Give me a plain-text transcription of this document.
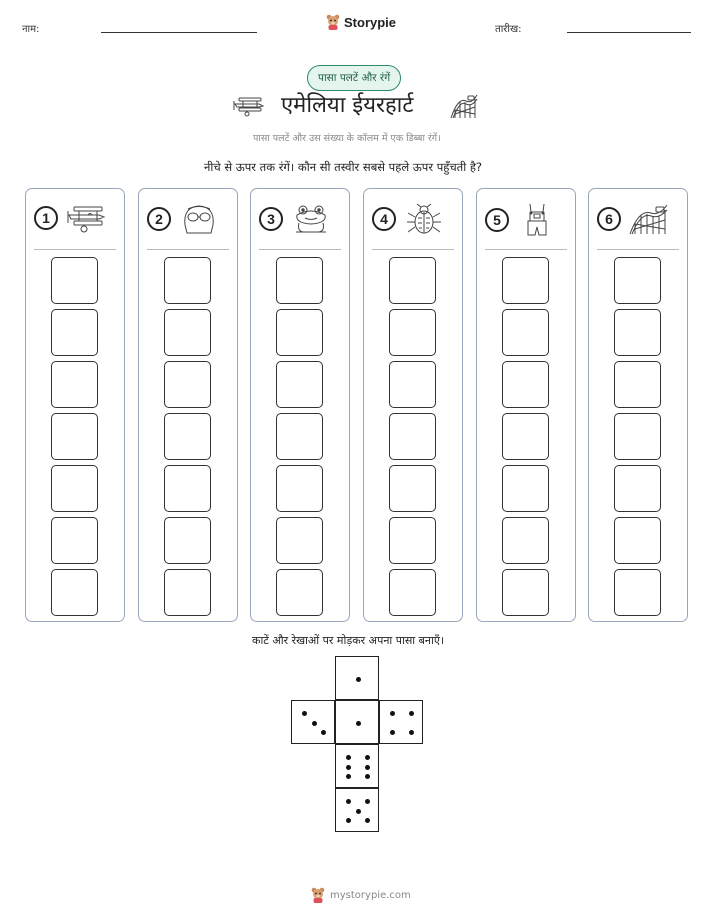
नाम:	Storypie	तारीख:
पासा पलटें और रंगें
एमेलिया ईयरहार्ट
पासा पलटें और उस संख्या के कॉलम में एक डिब्बा रंगें।
नीचे से ऊपर तक रंगें। कौन सी तस्वीर सबसे पहले ऊपर पहुँचती है?
1	2	3	4	5	6
काटें और रेखाओं पर मोड़कर अपना पासा बनाएँ।
mystorypie.com
